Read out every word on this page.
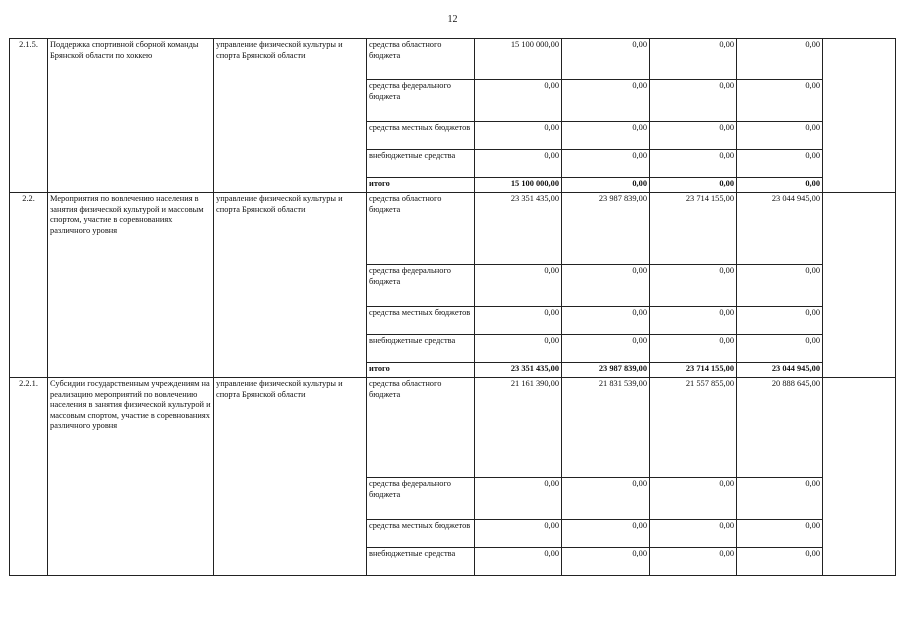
12
2.1.5.	Поддержка спортивной сборной команды Брянской области по хоккею	управление физической культуры и спорта Брянской области	средства областного бюджета	15 100 000,00	0,00	0,00	0,00	
			средства федерального бюджета	0,00	0,00	0,00	0,00	
			средства местных бюджетов	0,00	0,00	0,00	0,00	
			внебюджетные средства	0,00	0,00	0,00	0,00	
			итого	15 100 000,00	0,00	0,00	0,00	
2.2.	Мероприятия по вовлечению населения в занятия физической культурой и массовым спортом, участие в соревнованиях различного уровня	управление физической культуры и спорта Брянской области	средства областного бюджета	23 351 435,00	23 987 839,00	23 714 155,00	23 044 945,00	
			средства федерального бюджета	0,00	0,00	0,00	0,00	
			средства местных бюджетов	0,00	0,00	0,00	0,00	
			внебюджетные средства	0,00	0,00	0,00	0,00	
			итого	23 351 435,00	23 987 839,00	23 714 155,00	23 044 945,00	
2.2.1.	Субсидии государственным учреждениям на реализацию мероприятий по вовлечению населения в занятия физической культурой и массовым спортом, участие в соревнованиях различного уровня	управление физической культуры и спорта Брянской области	средства областного бюджета	21 161 390,00	21 831 539,00	21 557 855,00	20 888 645,00	
			средства федерального бюджета	0,00	0,00	0,00	0,00	
			средства местных бюджетов	0,00	0,00	0,00	0,00	
			внебюджетные средства	0,00	0,00	0,00	0,00	
